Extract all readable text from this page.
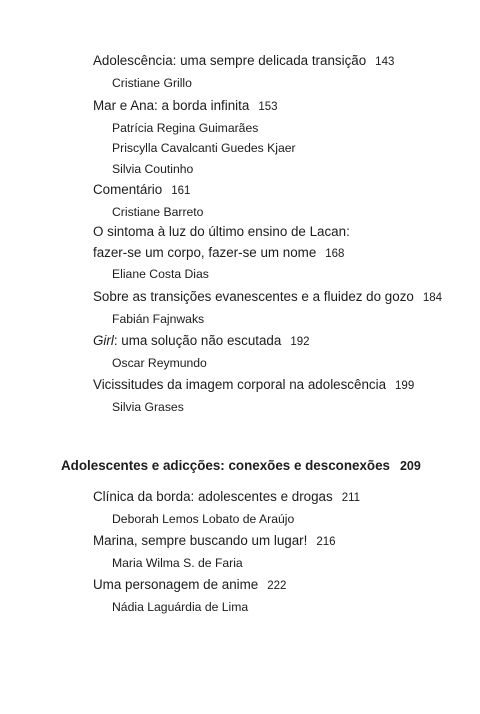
Adolescência: uma sempre delicada transição 143
Cristiane Grillo
Mar e Ana: a borda infinita 153
Patrícia Regina Guimarães
Priscylla Cavalcanti Guedes Kjaer
Silvia Coutinho
Comentário 161
Cristiane Barreto
O sintoma à luz do último ensino de Lacan:
fazer-se um corpo, fazer-se um nome 168
Eliane Costa Dias
Sobre as transições evanescentes e a fluidez do gozo 184
Fabián Fajnwaks
Girl: uma solução não escutada 192
Oscar Reymundo
Vicissitudes da imagem corporal na adolescência 199
Silvia Grases
Adolescentes e adicções: conexões e desconexões 209
Clínica da borda: adolescentes e drogas 211
Deborah Lemos Lobato de Araújo
Marina, sempre buscando um lugar! 216
Maria Wilma S. de Faria
Uma personagem de anime 222
Nádia Laguárdia de Lima
